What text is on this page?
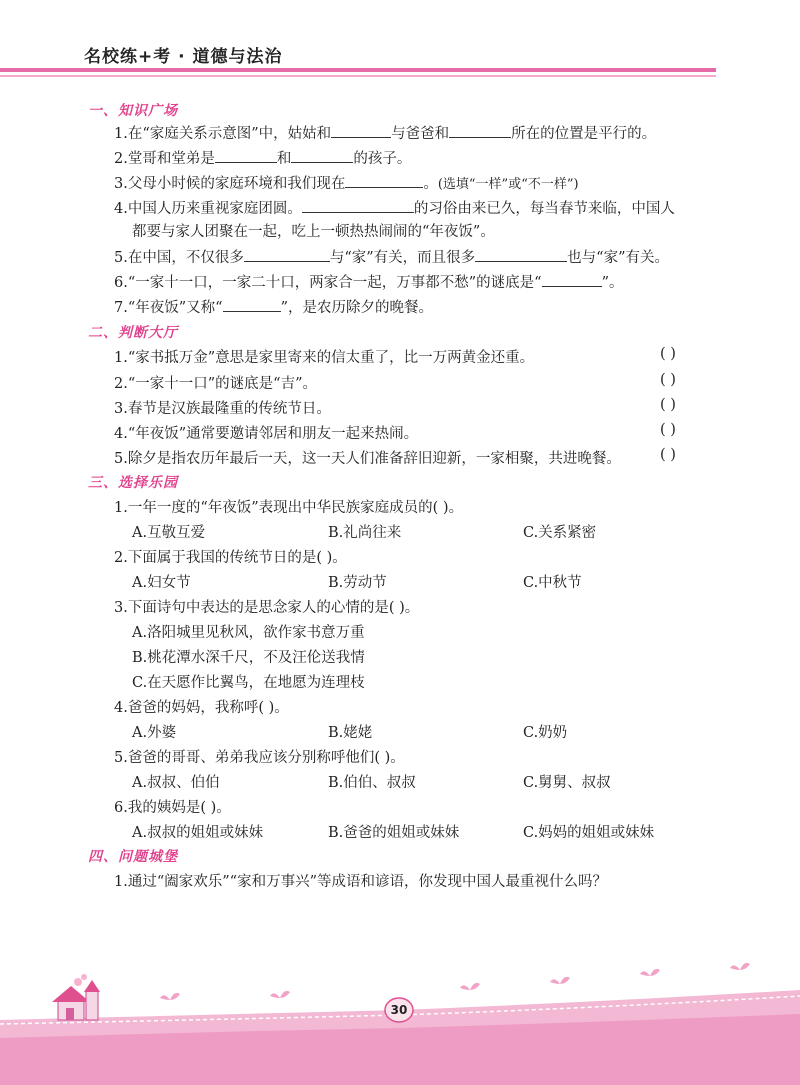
名校练+考 · 道德与法治
一、知识广场
1.在“家庭关系示意图”中，姑姑和	与爸爸和	所在的位置是平行的。
2.堂哥和堂弟是	和	的孩子。
3.父母小时候的家庭环境和我们现在	。(选填“一样”或“不一样”)
4.中国人历来重视家庭团圆。	的习俗由来已久，每当春节来临，中国人
都要与家人团聚在一起，吃上一顿热热闹闹的“年夜饭”。
5.在中国，不仅很多	与“家”有关，而且很多	也与“家”有关。
6.“一家十一口，一家二十口，两家合一起，万事都不愁”的谜底是“	”。
7.“年夜饭”又称“	”，是农历除夕的晚餐。
二、判断大厅
1.“家书抵万金”意思是家里寄来的信太重了，比一万两黄金还重。	( )
2.“一家十一口”的谜底是“吉”。	( )
3.春节是汉族最隆重的传统节日。	( )
4.“年夜饭”通常要邀请邻居和朋友一起来热闹。	( )
5.除夕是指农历年最后一天，这一天人们准备辞旧迎新，一家相聚，共进晚餐。	( )
三、选择乐园
1.一年一度的“年夜饭”表现出中华民族家庭成员的( )。
A.互敬互爱	B.礼尚往来	C.关系紧密
2.下面属于我国的传统节日的是( )。
A.妇女节	B.劳动节	C.中秋节
3.下面诗句中表达的是思念家人的心情的是( )。
A.洛阳城里见秋风，欲作家书意万重
B.桃花潭水深千尺，不及汪伦送我情
C.在天愿作比翼鸟，在地愿为连理枝
4.爸爸的妈妈，我称呼( )。
A.外婆	B.姥姥	C.奶奶
5.爸爸的哥哥、弟弟我应该分别称呼他们( )。
A.叔叔、伯伯	B.伯伯、叔叔	C.舅舅、叔叔
6.我的姨妈是( )。
A.叔叔的姐姐或妹妹	B.爸爸的姐姐或妹妹	C.妈妈的姐姐或妹妹
四、问题城堡
1.通过“阖家欢乐”“家和万事兴”等成语和谚语，你发现中国人最重视什么吗？
30
